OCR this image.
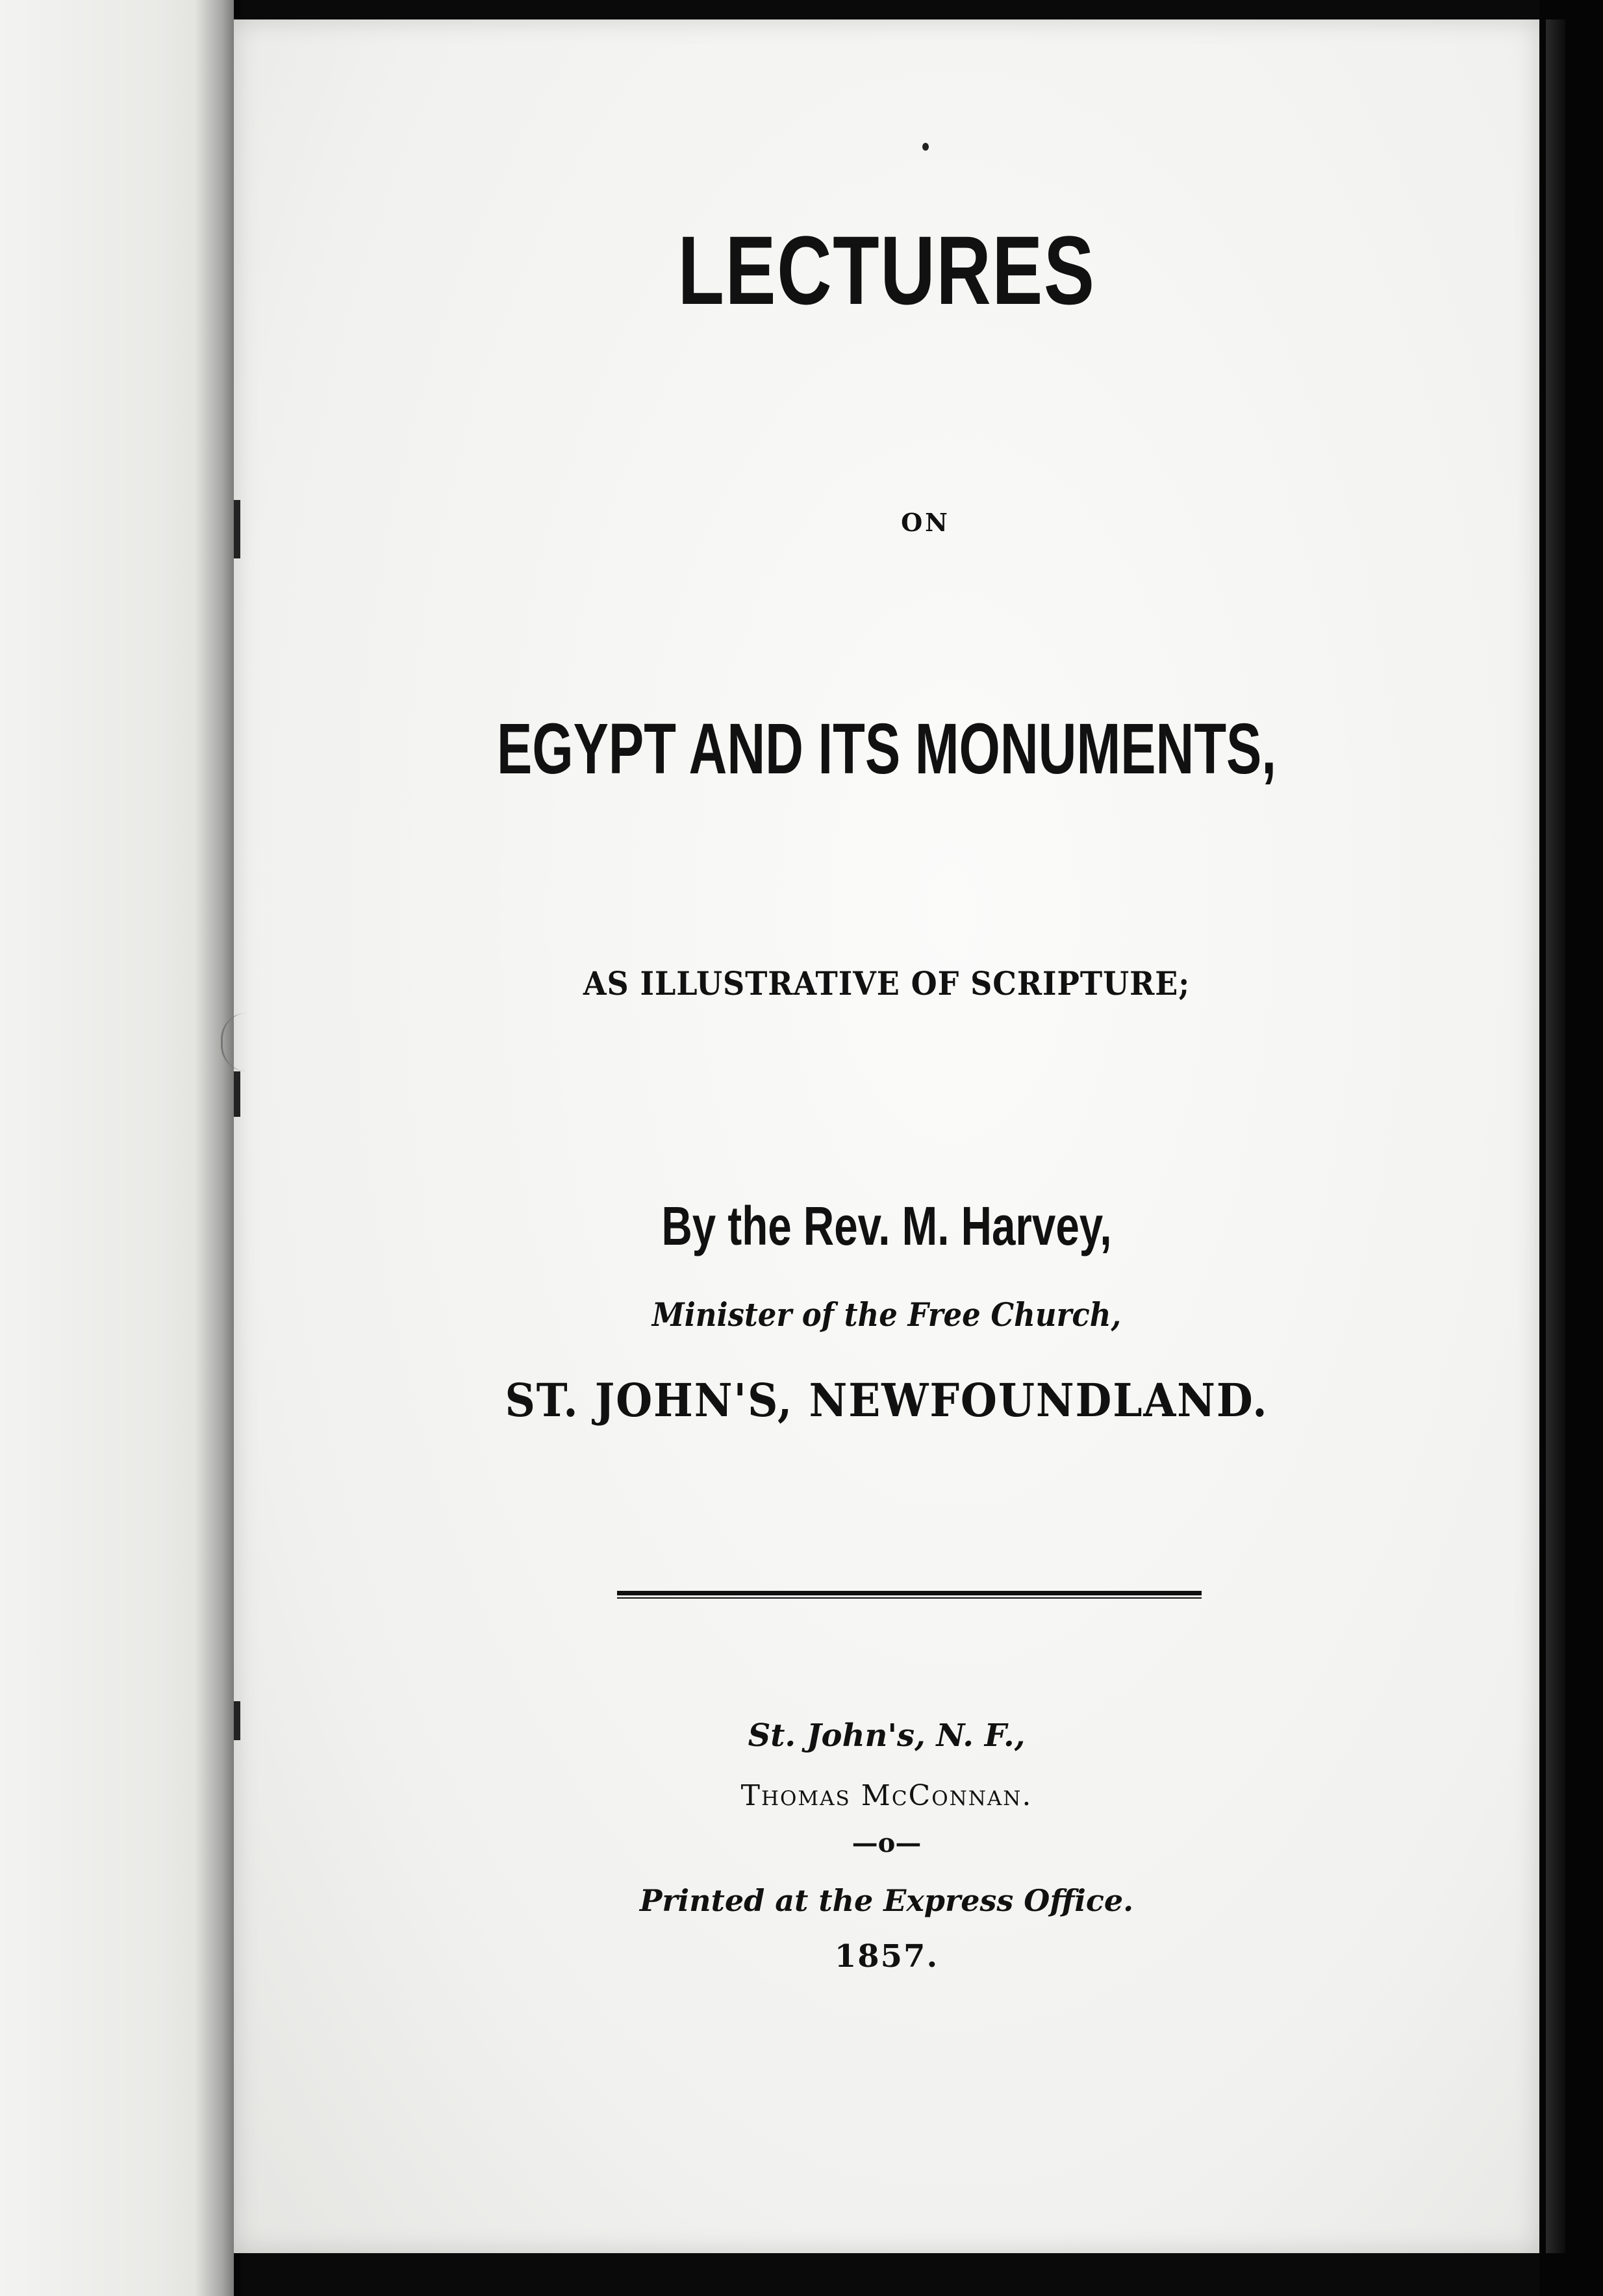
LECTURES
ON
EGYPT AND ITS MONUMENTS,
AS ILLUSTRATIVE OF SCRIPTURE;
By the Rev. M. Harvey,
Minister of the Free Church,
ST. JOHN'S, NEWFOUNDLAND.
St. John's, N. F.,
Thomas McConnan.
—o—
Printed at the Express Office.
1857.
